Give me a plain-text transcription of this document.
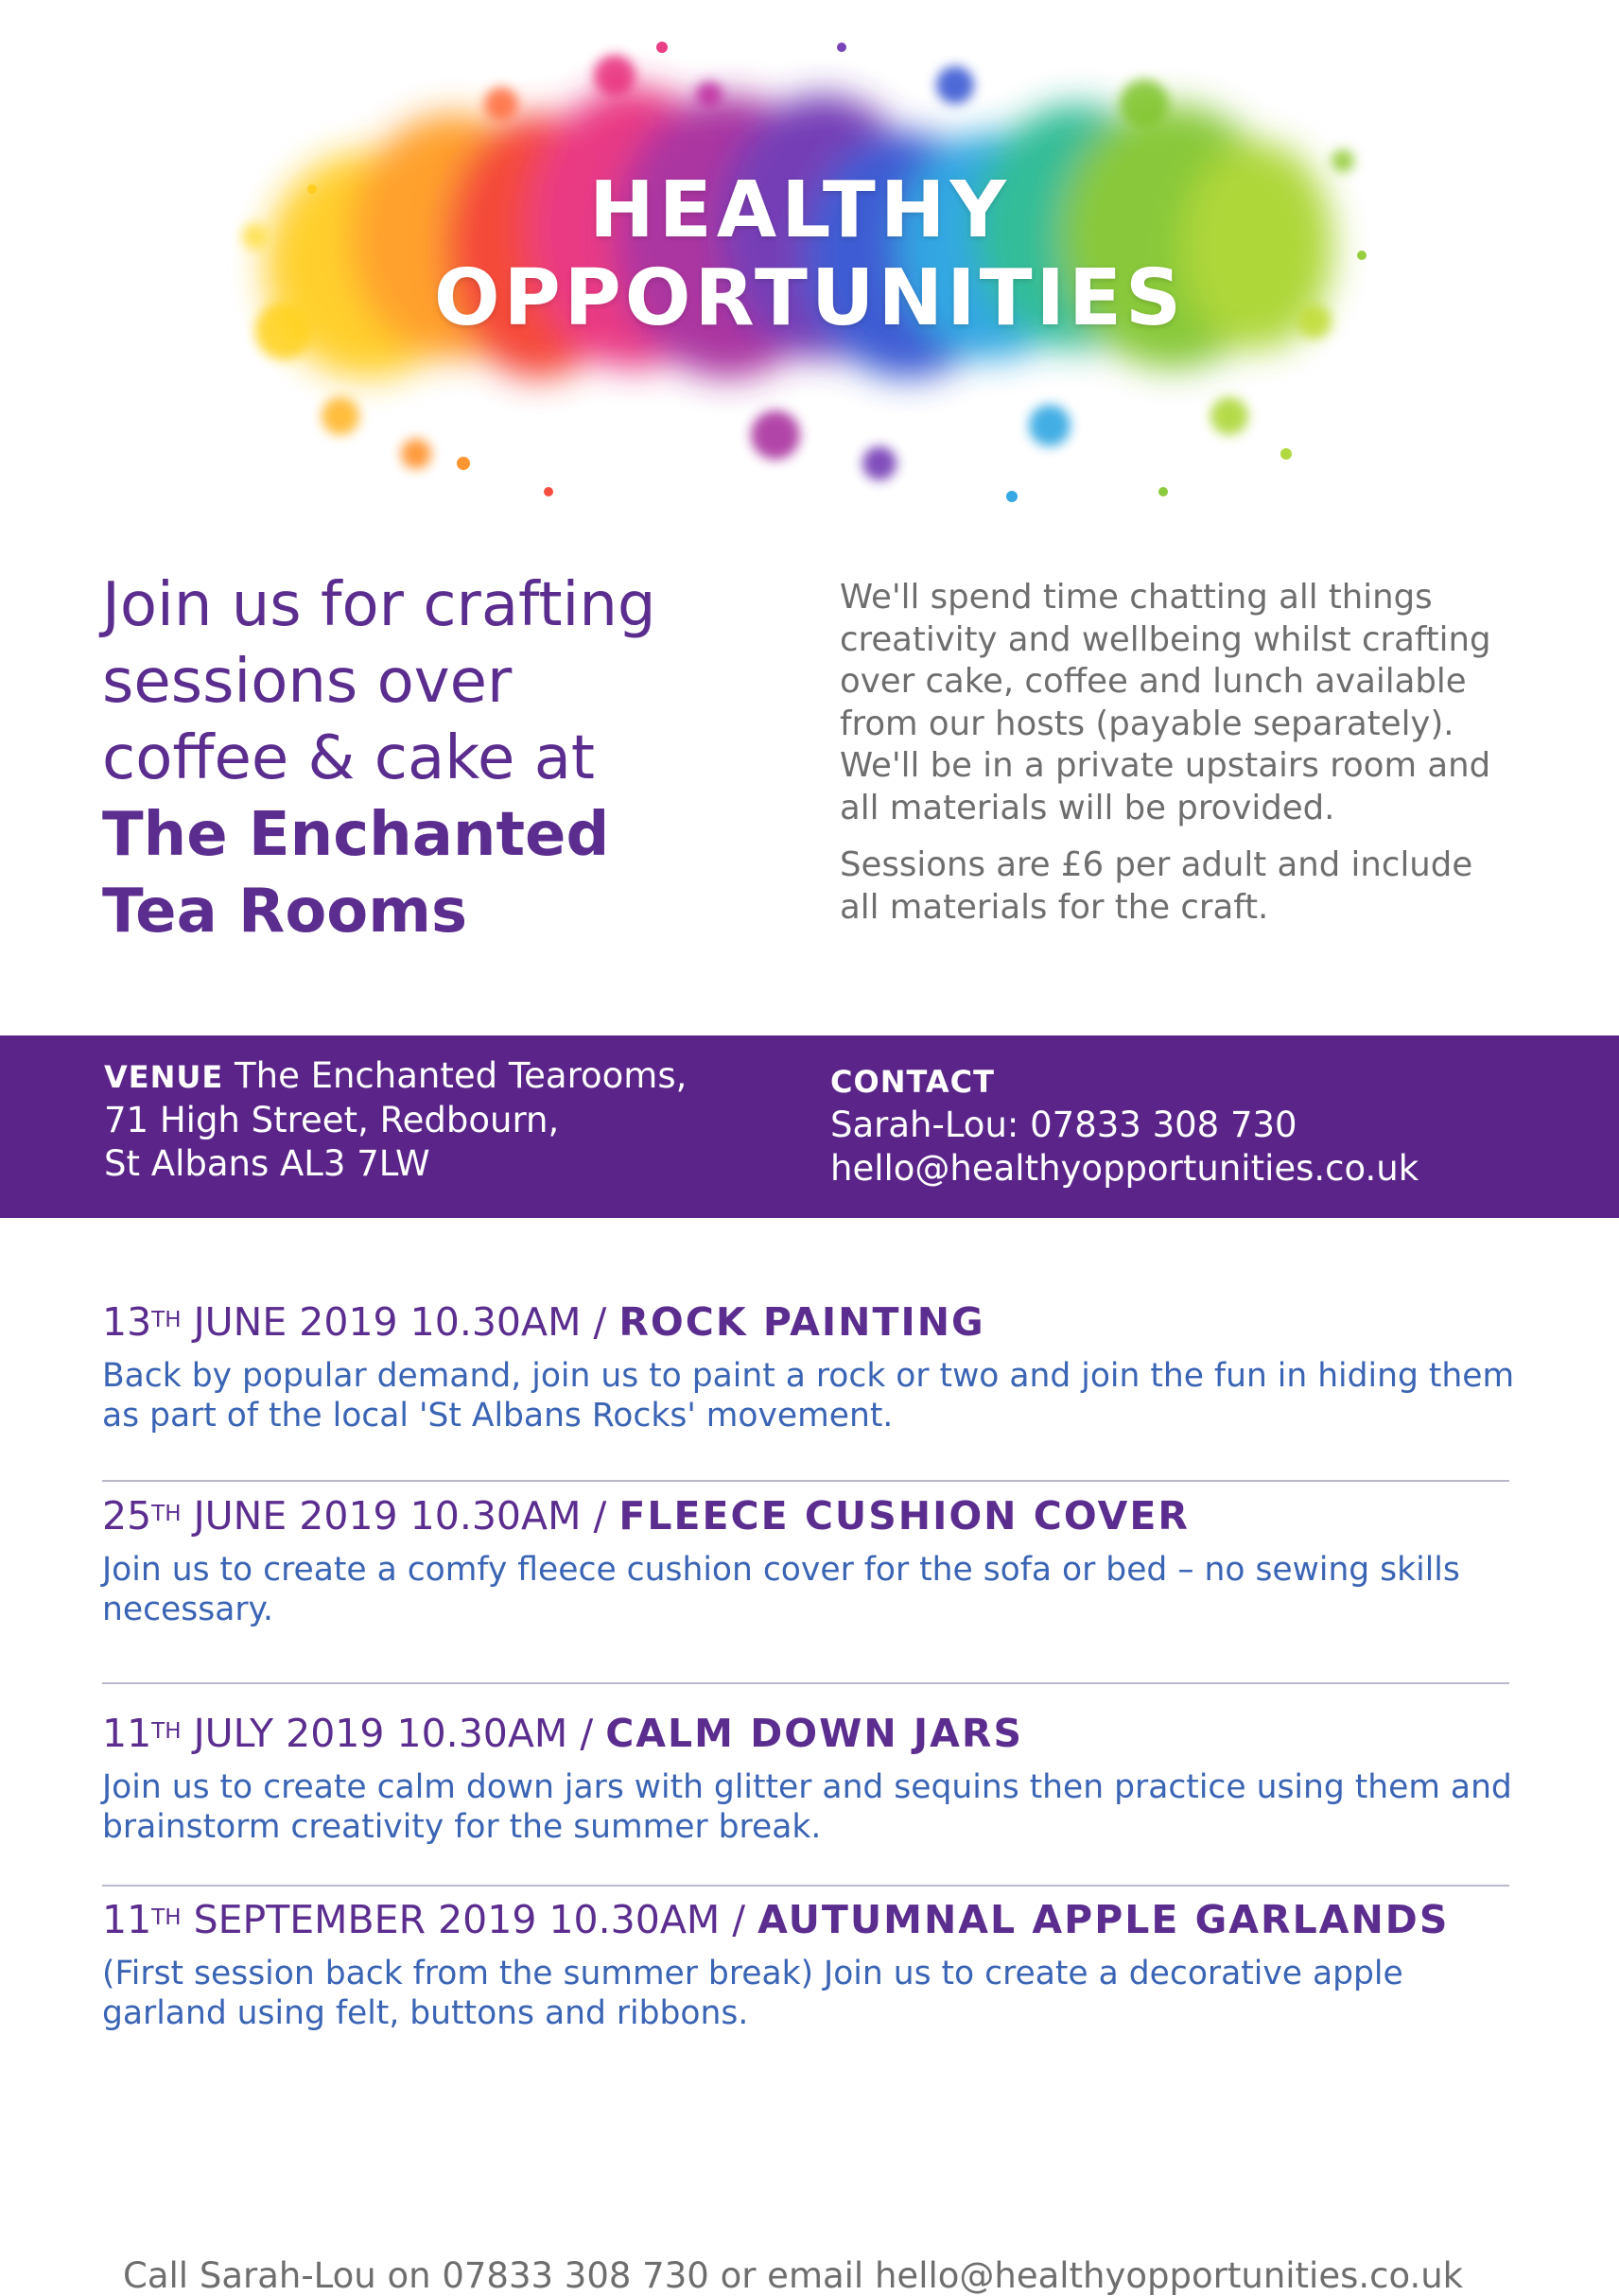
HEALTHY
OPPORTUNITIES
Join us for crafting
sessions over
coffee & cake at
The Enchanted
Tea Rooms

We'll spend time chatting all things creativity and wellbeing whilst crafting over cake, coffee and lunch available from our hosts (payable separately). We'll be in a private upstairs room and all materials will be provided.

Sessions are £6 per adult and include all materials for the craft.

VENUE The Enchanted Tearooms,
71 High Street, Redbourn,
St Albans AL3 7LW
CONTACT
Sarah-Lou: 07833 308 730
hello@healthyopportunities.co.uk
13TH JUNE 2019 10.30AM / ROCK PAINTING
Back by popular demand, join us to paint a rock or two and join the fun in hiding them as part of the local 'St Albans Rocks' movement.
25TH JUNE 2019 10.30AM / FLEECE CUSHION COVER
Join us to create a comfy fleece cushion cover for the sofa or bed – no sewing skills necessary.
11TH JULY 2019 10.30AM / CALM DOWN JARS
Join us to create calm down jars with glitter and sequins then practice using them and brainstorm creativity for the summer break.
11TH SEPTEMBER 2019 10.30AM / AUTUMNAL APPLE GARLANDS
(First session back from the summer break) Join us to create a decorative apple garland using felt, buttons and ribbons.
Call Sarah-Lou on 07833 308 730 or email hello@healthyopportunities.co.uk
